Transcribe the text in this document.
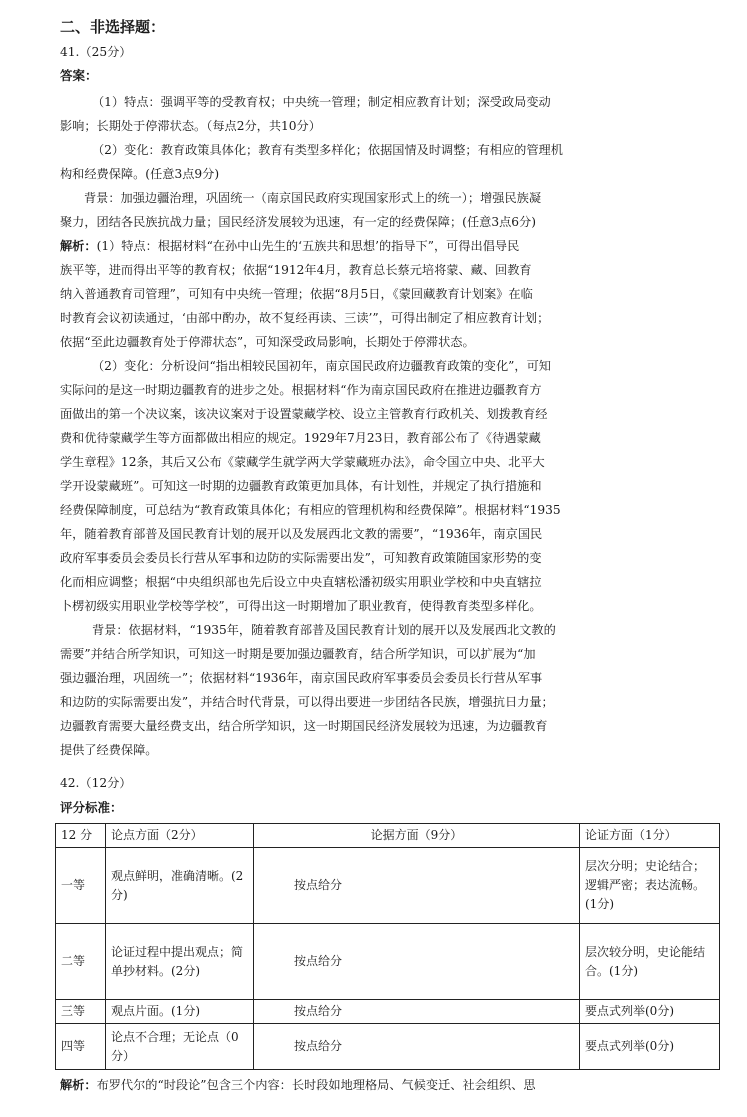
二、非选择题：
41.（25分）
答案：
（1）特点：强调平等的受教育权；中央统一管理；制定相应教育计划；深受政局变动
影响；长期处于停滞状态。（每点2分，共10分）
（2）变化：教育政策具体化；教育有类型多样化；依据国情及时调整；有相应的管理机
构和经费保障。(任意3点9分)
背景：加强边疆治理，巩固统一（南京国民政府实现国家形式上的统一）；增强民族凝
聚力，团结各民族抗战力量；国民经济发展较为迅速，有一定的经费保障；(任意3点6分)
解析：(1）特点：根据材料“在孙中山先生的‘五族共和思想’的指导下”，可得出倡导民
族平等，进而得出平等的教育权；依据“1912年4月，教育总长蔡元培将蒙、藏、回教育
纳入普通教育司管理”，可知有中央统一管理；依据“8月5日，《蒙回藏教育计划案》在临
时教育会议初读通过，‘由部中酌办，故不复经再读、三读’”，可得出制定了相应教育计划；
依据“至此边疆教育处于停滞状态”，可知深受政局影响，长期处于停滞状态。
（2）变化：分析设问“指出相较民国初年，南京国民政府边疆教育政策的变化”，可知
实际问的是这一时期边疆教育的进步之处。根据材料“作为南京国民政府在推进边疆教育方
面做出的第一个决议案，该决议案对于设置蒙藏学校、设立主管教育行政机关、划拨教育经
费和优待蒙藏学生等方面都做出相应的规定。1929年7月23日，教育部公布了《待遇蒙藏
学生章程》12条，其后又公布《蒙藏学生就学两大学蒙藏班办法》，命令国立中央、北平大
学开设蒙藏班”。可知这一时期的边疆教育政策更加具体，有计划性，并规定了执行措施和
经费保障制度，可总结为“教育政策具体化；有相应的管理机构和经费保障”。根据材料“1935
年，随着教育部普及国民教育计划的展开以及发展西北文教的需要”，“1936年，南京国民
政府军事委员会委员长行营从军事和边防的实际需要出发”，可知教育政策随国家形势的变
化而相应调整；根据“中央组织部也先后设立中央直辖松潘初级实用职业学校和中央直辖拉
卜楞初级实用职业学校等学校”，可得出这一时期增加了职业教育，使得教育类型多样化。
背景：依据材料，“1935年，随着教育部普及国民教育计划的展开以及发展西北文教的
需要”并结合所学知识，可知这一时期是要加强边疆教育，结合所学知识，可以扩展为“加
强边疆治理，巩固统一”；依据材料“1936年，南京国民政府军事委员会委员长行营从军事
和边防的实际需要出发”，并结合时代背景，可以得出要进一步团结各民族，增强抗日力量；
边疆教育需要大量经费支出，结合所学知识，这一时期国民经济发展较为迅速，为边疆教育
提供了经费保障。
42.（12分）
评分标准：
12 分	论点方面（2分）	论据方面（9分）	论证方面（1分）
一等	观点鲜明，准确清晰。(2分)	按点给分	层次分明；史论结合；逻辑严密；表达流畅。(1分)
二等	论证过程中提出观点；简单抄材料。(2分)	按点给分	层次较分明，史论能结合。(1分)
三等	观点片面。(1分)	按点给分	要点式列举(0分)
四等	论点不合理；无论点（0分）	按点给分	要点式列举(0分)
解析：布罗代尔的“时段论”包含三个内容：长时段如地理格局、气候变迁、社会组织、思
